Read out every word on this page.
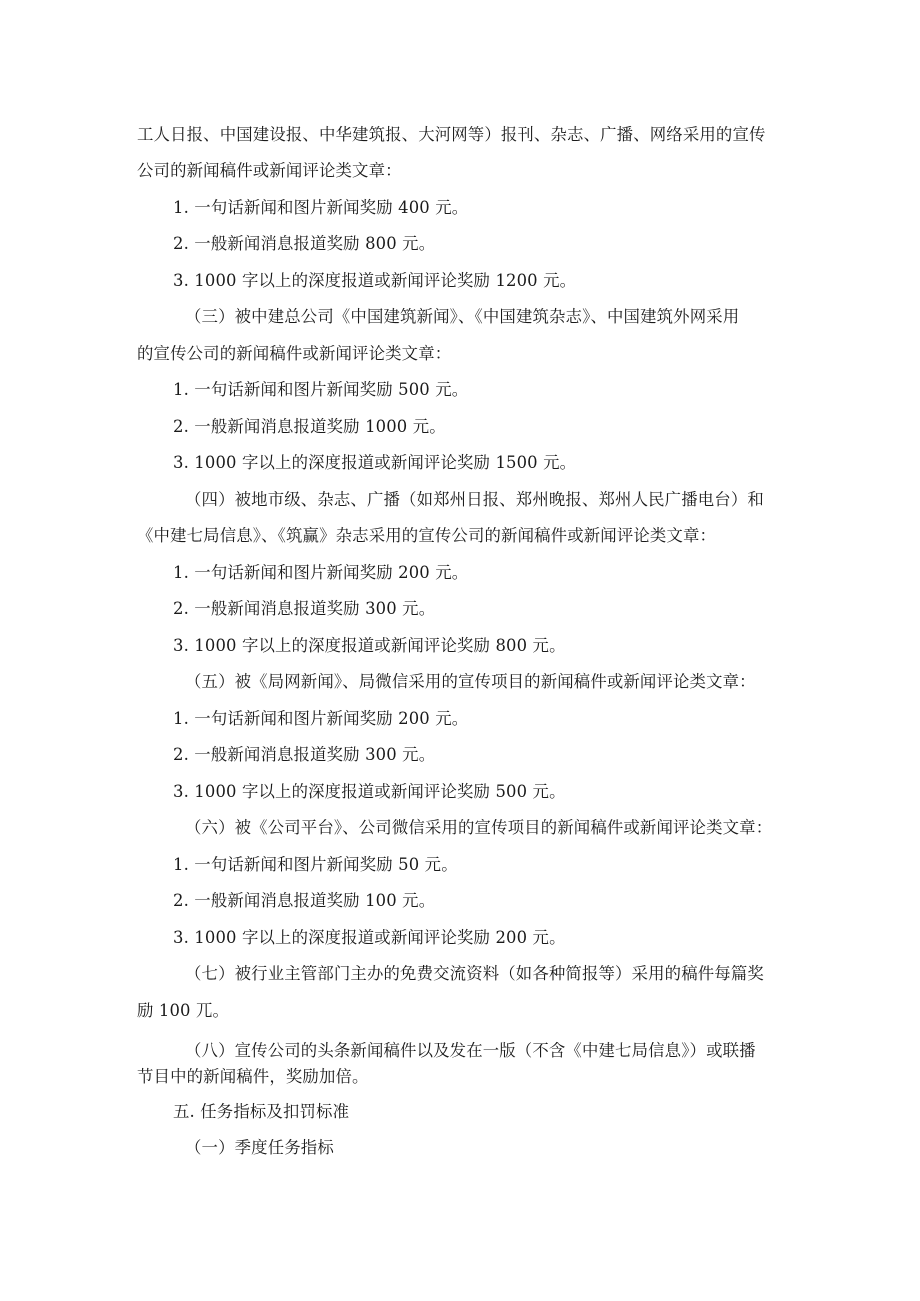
工人日报、中国建设报、中华建筑报、大河网等）报刊、杂志、广播、网络采用的宣传

公司的新闻稿件或新闻评论类文章：

1. 一句话新闻和图片新闻奖励 400 元。

2. 一般新闻消息报道奖励 800 元。

3. 1000 字以上的深度报道或新闻评论奖励 1200 元。

（三）被中建总公司《中国建筑新闻》、《中国建筑杂志》、中国建筑外网采用

的宣传公司的新闻稿件或新闻评论类文章：

1. 一句话新闻和图片新闻奖励 500 元。

2. 一般新闻消息报道奖励 1000 元。

3. 1000 字以上的深度报道或新闻评论奖励 1500 元。

（四）被地市级、杂志、广播（如郑州日报、郑州晚报、郑州人民广播电台）和

《中建七局信息》、《筑赢》杂志采用的宣传公司的新闻稿件或新闻评论类文章：

1. 一句话新闻和图片新闻奖励 200 元。

2. 一般新闻消息报道奖励 300 元。

3. 1000 字以上的深度报道或新闻评论奖励 800 元。

（五）被《局网新闻》、局微信采用的宣传项目的新闻稿件或新闻评论类文章：

1. 一句话新闻和图片新闻奖励 200 元。

2. 一般新闻消息报道奖励 300 元。

3. 1000 字以上的深度报道或新闻评论奖励 500 元。

（六）被《公司平台》、公司微信采用的宣传项目的新闻稿件或新闻评论类文章：

1. 一句话新闻和图片新闻奖励 50 元。

2. 一般新闻消息报道奖励 100 元。

3. 1000 字以上的深度报道或新闻评论奖励 200 元。

（七）被行业主管部门主办的免费交流资料（如各种简报等）采用的稿件每篇奖

励 100 兀。

（八）宣传公司的头条新闻稿件以及发在一版（不含《中建七局信息》）或联播

节目中的新闻稿件，奖励加倍。

五. 任务指标及扣罚标准

（一）季度任务指标
